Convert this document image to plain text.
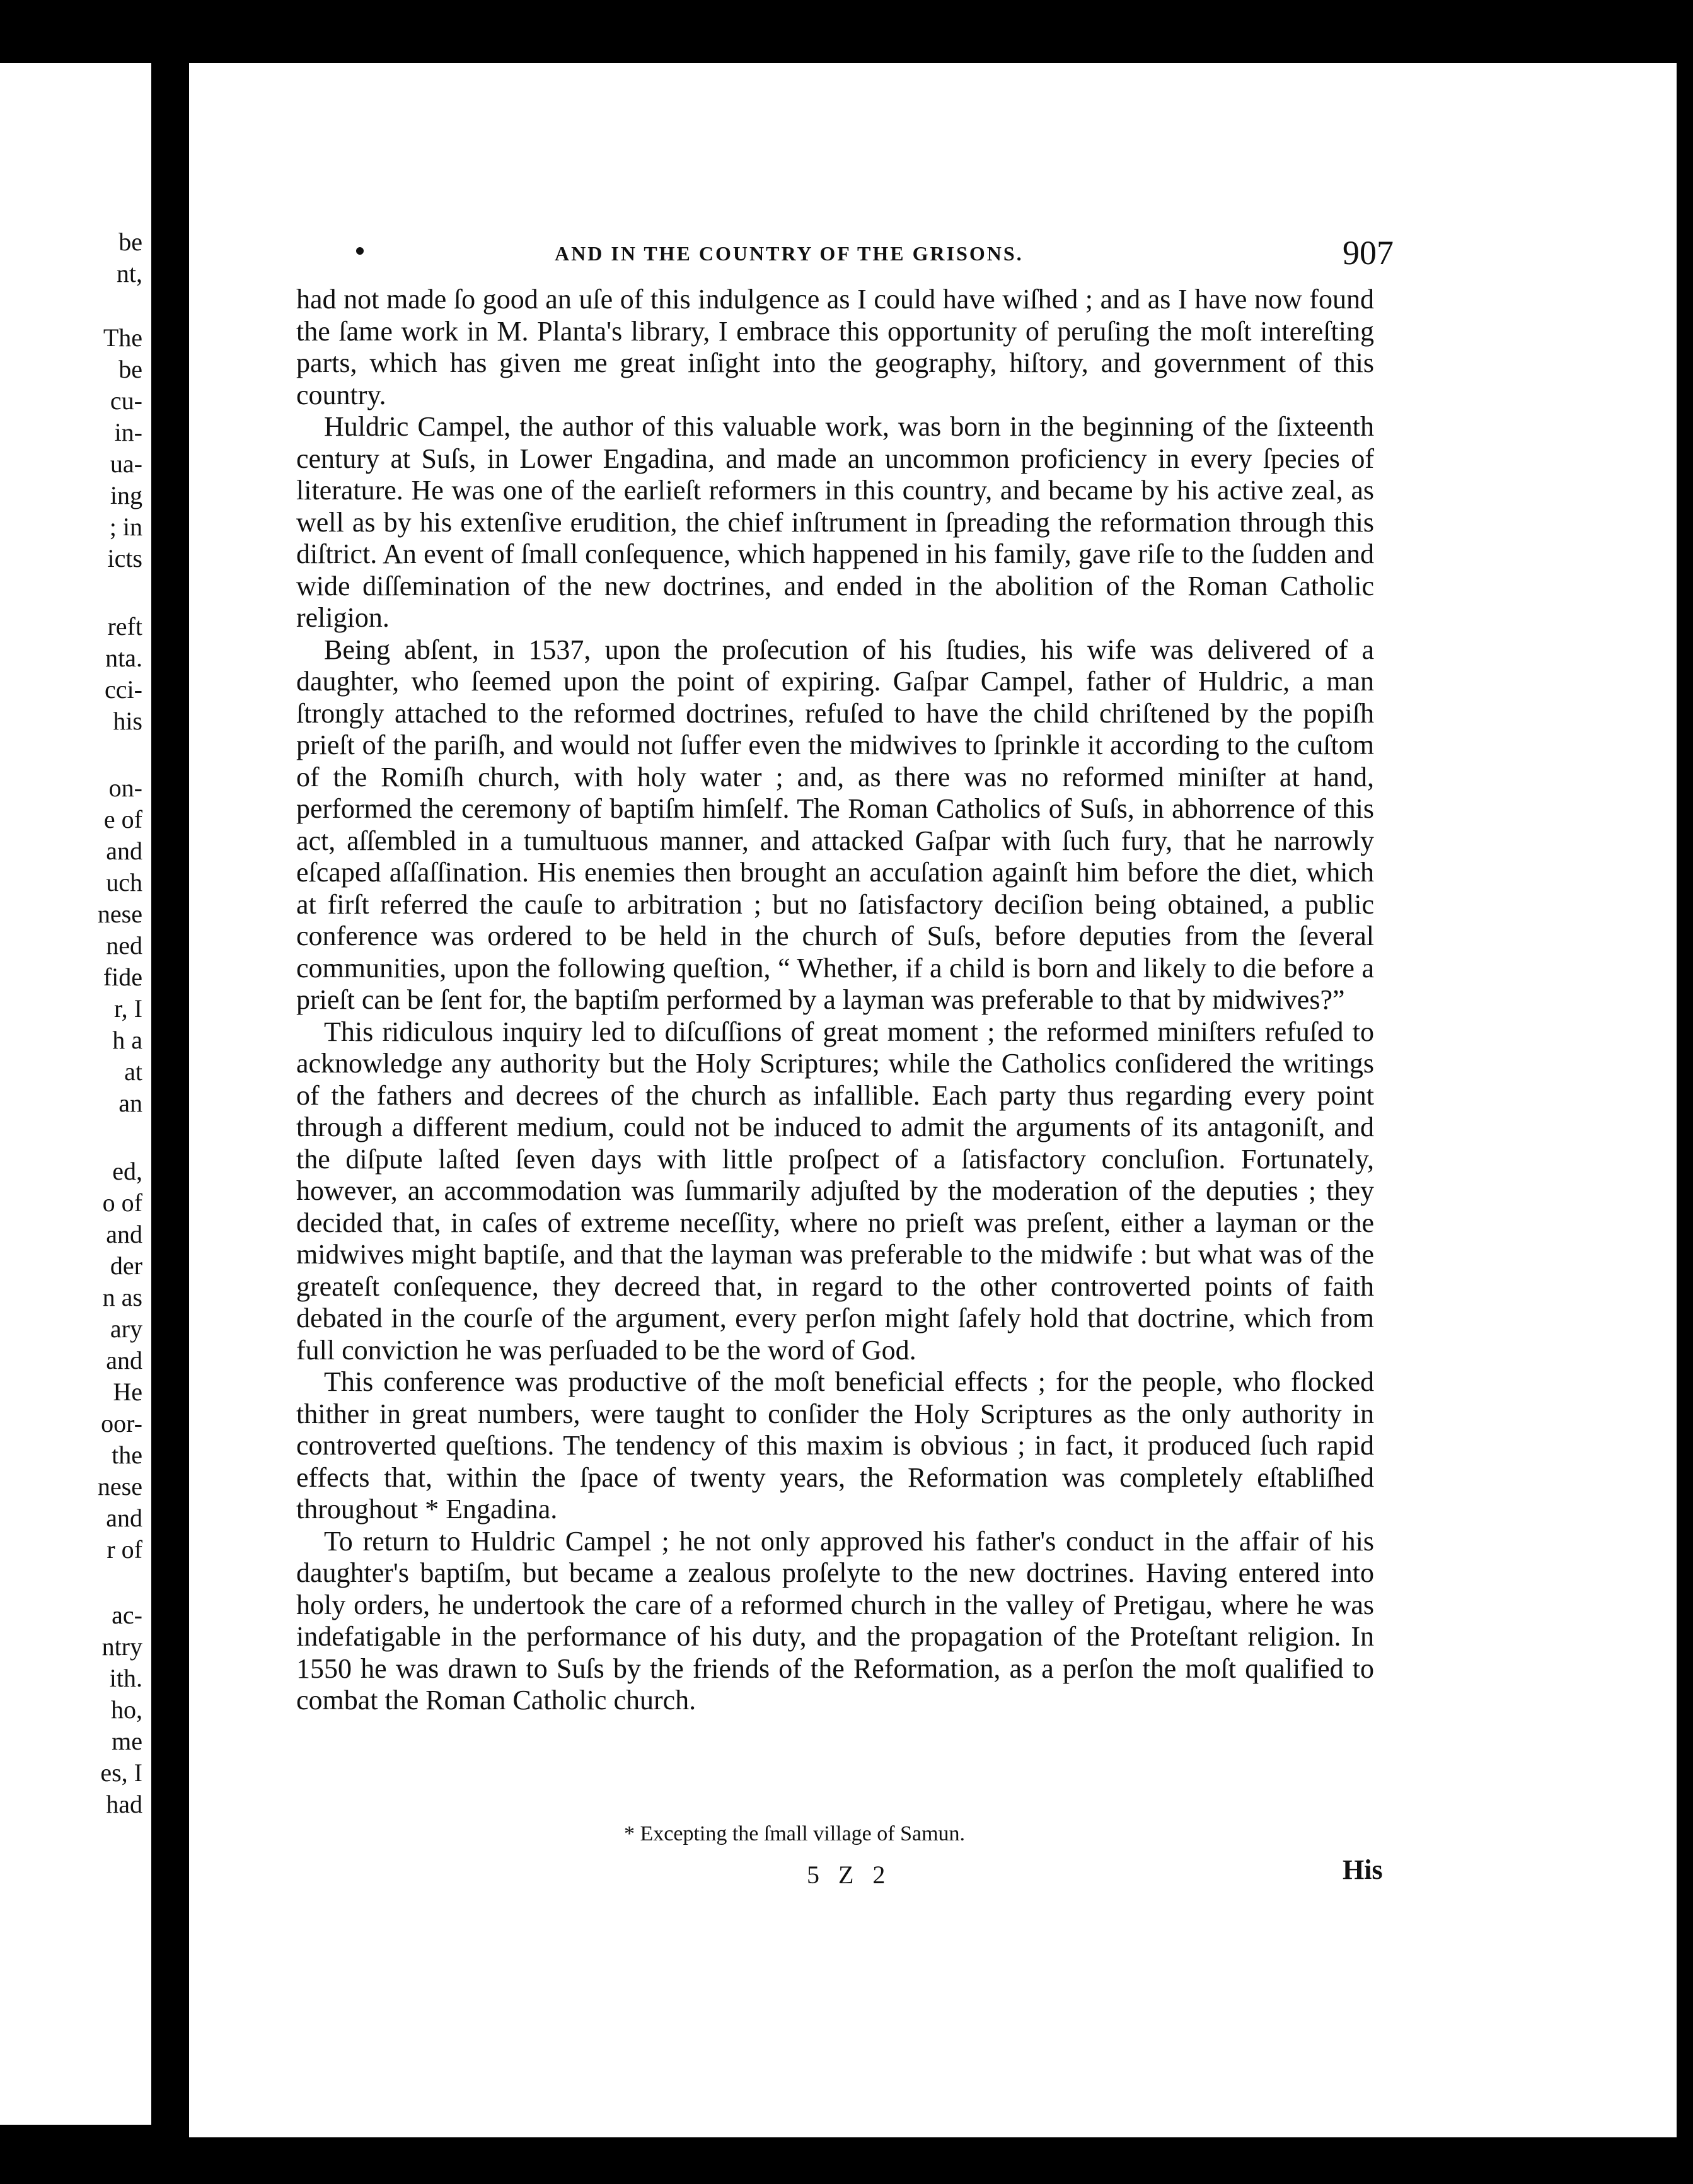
be
nt,
The
be
cu-
in-
ua-
ing
; in
icts
reft
nta.
cci-
his
on-
e of
and
uch
nese
ned
fide
r, I
h a
at
an
ed,
o of
and
der
n as
ary
and
He
oor-
the
nese
and
r of
ac-
ntry
ith.
ho,
me
es, I
had
AND IN THE COUNTRY OF THE GRISONS.	907

had not made ſo good an uſe of this indulgence as I could have wiſhed ; and as I have now found the ſame work in M. Planta's library, I embrace this opportunity of peruſing the moſt intereſting parts, which has given me great inſight into the geography, hiſtory, and government of this country.

Huldric Campel, the author of this valuable work, was born in the beginning of the ſixteenth century at Suſs, in Lower Engadina, and made an uncommon proficiency in every ſpecies of literature. He was one of the earlieſt reformers in this country, and became by his active zeal, as well as by his extenſive erudition, the chief inſtrument in ſpreading the reformation through this diſtrict. An event of ſmall conſequence, which happened in his family, gave riſe to the ſudden and wide diſſemination of the new doctrines, and ended in the abolition of the Roman Catholic religion.

Being abſent, in 1537, upon the proſecution of his ſtudies, his wife was delivered of a daughter, who ſeemed upon the point of expiring. Gaſpar Campel, father of Huldric, a man ſtrongly attached to the reformed doctrines, refuſed to have the child chriſtened by the popiſh prieſt of the pariſh, and would not ſuffer even the midwives to ſprinkle it according to the cuſtom of the Romiſh church, with holy water ; and, as there was no reformed miniſter at hand, performed the ceremony of baptiſm himſelf. The Roman Catholics of Suſs, in abhorrence of this act, aſſembled in a tumultuous manner, and attacked Gaſpar with ſuch fury, that he narrowly eſcaped aſſaſſination. His enemies then brought an accuſation againſt him before the diet, which at firſt referred the cauſe to arbitration ; but no ſatisfactory deciſion being obtained, a public conference was ordered to be held in the church of Suſs, before deputies from the ſeveral communities, upon the following queſtion, “ Whether, if a child is born and likely to die before a prieſt can be ſent for, the baptiſm performed by a layman was preferable to that by midwives?”

This ridiculous inquiry led to diſcuſſions of great moment ; the reformed miniſters refuſed to acknowledge any authority but the Holy Scriptures; while the Catholics conſidered the writings of the fathers and decrees of the church as infallible. Each party thus regarding every point through a different medium, could not be induced to admit the arguments of its antagoniſt, and the diſpute laſted ſeven days with little proſpect of a ſatisfactory concluſion. Fortunately, however, an accommodation was ſummarily adjuſted by the moderation of the deputies ; they decided that, in caſes of extreme neceſſity, where no prieſt was preſent, either a layman or the midwives might baptiſe, and that the layman was preferable to the midwife : but what was of the greateſt conſequence, they decreed that, in regard to the other controverted points of faith debated in the courſe of the argument, every perſon might ſafely hold that doctrine, which from full conviction he was perſuaded to be the word of God.

This conference was productive of the moſt beneficial effects ; for the people, who flocked thither in great numbers, were taught to conſider the Holy Scriptures as the only authority in controverted queſtions. The tendency of this maxim is obvious ; in fact, it produced ſuch rapid effects that, within the ſpace of twenty years, the Reformation was completely eſtabliſhed throughout * Engadina.

To return to Huldric Campel ; he not only approved his father's conduct in the affair of his daughter's baptiſm, but became a zealous proſelyte to the new doctrines. Having entered into holy orders, he undertook the care of a reformed church in the valley of Pretigau, where he was indefatigable in the performance of his duty, and the propagation of the Proteſtant religion. In 1550 he was drawn to Suſs by the friends of the Reformation, as a perſon the moſt qualified to combat the Roman Catholic church.

* Excepting the ſmall village of Samun.
5 Z 2	His
